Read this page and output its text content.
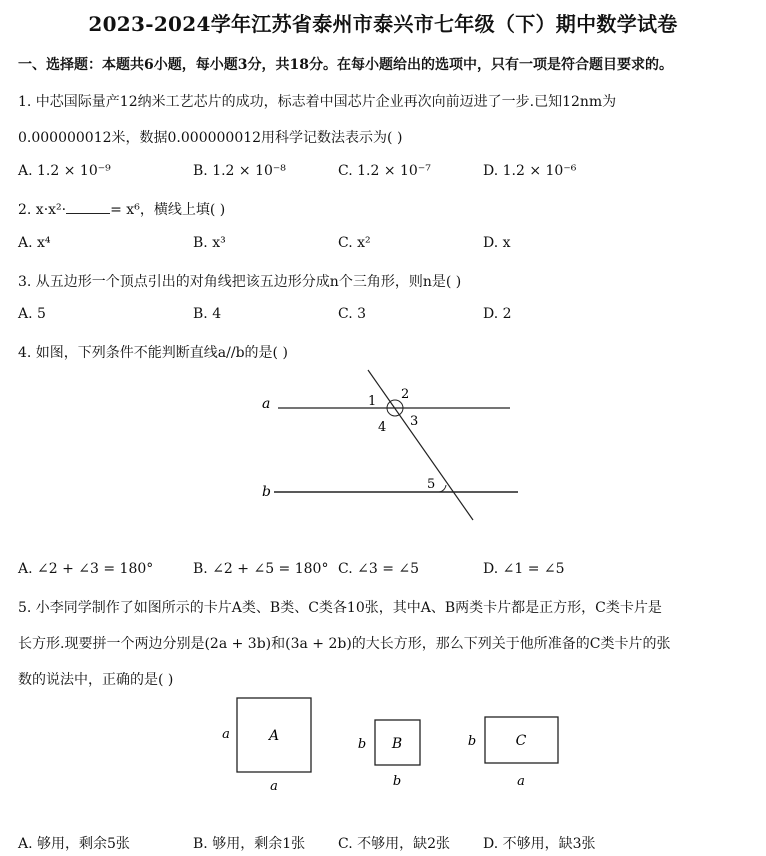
2023-2024学年江苏省泰州市泰兴市七年级（下）期中数学试卷
一、选择题：本题共6小题，每小题3分，共18分。在每小题给出的选项中，只有一项是符合题目要求的。
1. 中芯国际量产12纳米工艺芯片的成功，标志着中国芯片企业再次向前迈进了一步.已知12nm为
0.000000012米，数据0.000000012用科学记数法表示为( )
A. 1.2 × 10⁻⁹	B. 1.2 × 10⁻⁸	C. 1.2 × 10⁻⁷	D. 1.2 × 10⁻⁶
2. x·x²·	= x⁶，横线上填( )
A. x⁴	B. x³	C. x²	D. x
3. 从五边形一个顶点引出的对角线把该五边形分成n个三角形，则n是( )
A. 5	B. 4	C. 3	D. 2
4. 如图，下列条件不能判断直线a//b的是( )
a
b
1 2
3
4
5
A. ∠2 + ∠3 = 180°	B. ∠2 + ∠5 = 180° C. ∠3 = ∠5	D. ∠1 = ∠5
5. 小李同学制作了如图所示的卡片A类、B类、C类各10张，其中A、B两类卡片都是正方形，C类卡片是
长方形.现要拼一个两边分别是(2a + 3b)和(3a + 2b)的大长方形，那么下列关于他所准备的C类卡片的张
数的说法中，正确的是( )
A
a
a
B
b
b
C
b
a
A. 够用，剩余5张	B. 够用，剩余1张 C. 不够用，缺2张 D. 不够用，缺3张
